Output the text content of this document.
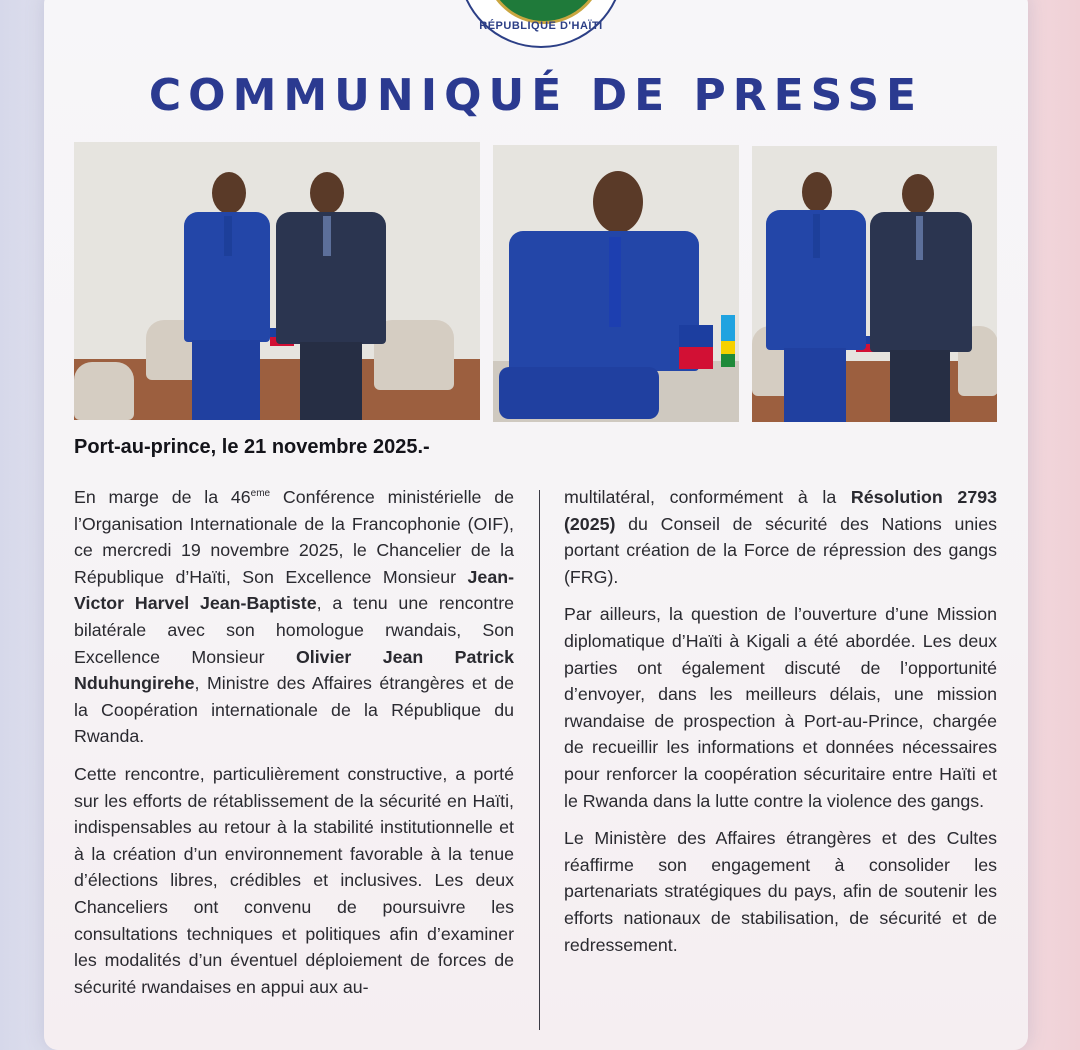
RÉPUBLIQUE D'HAÏTI
COMMUNIQUÉ DE PRESSE

Port-au-prince, le 21 novembre 2025.-

En marge de la 46eme Conférence ministérielle de l’Organisation Internationale de la Francophonie (OIF), ce mercredi 19 novembre 2025, le Chancelier de la République d’Haïti, Son Excellence Monsieur Jean-Victor Harvel Jean-Baptiste, a tenu une rencontre bilatérale avec son homologue rwandais, Son Excellence Monsieur Olivier Jean Patrick Nduhungirehe, Ministre des Affaires étrangères et de la Coopération internationale de la République du Rwanda.

Cette rencontre, particulièrement constructive, a porté sur les efforts de rétablissement de la sécurité en Haïti, indispensables au retour à la stabilité institutionnelle et à la création d’un environnement favorable à la tenue d’élections libres, crédibles et inclusives. Les deux Chanceliers ont convenu de poursuivre les consultations techniques et politiques afin d’examiner les modalités d’un éventuel déploiement de forces de sécurité rwandaises en appui aux au-

multilatéral, conformément à la Résolution 2793 (2025) du Conseil de sécurité des Nations unies portant création de la Force de répression des gangs (FRG).

Par ailleurs, la question de l’ouverture d’une Mission diplomatique d’Haïti à Kigali a été abordée. Les deux parties ont également discuté de l’opportunité d’envoyer, dans les meilleurs délais, une mission rwandaise de prospection à Port-au-Prince, chargée de recueillir les informations et données nécessaires pour renforcer la coopération sécuritaire entre Haïti et le Rwanda dans la lutte contre la violence des gangs.

Le Ministère des Affaires étrangères et des Cultes réaffirme son engagement à consolider les partenariats stratégiques du pays, afin de soutenir les efforts nationaux de stabilisation, de sécurité et de redressement.
